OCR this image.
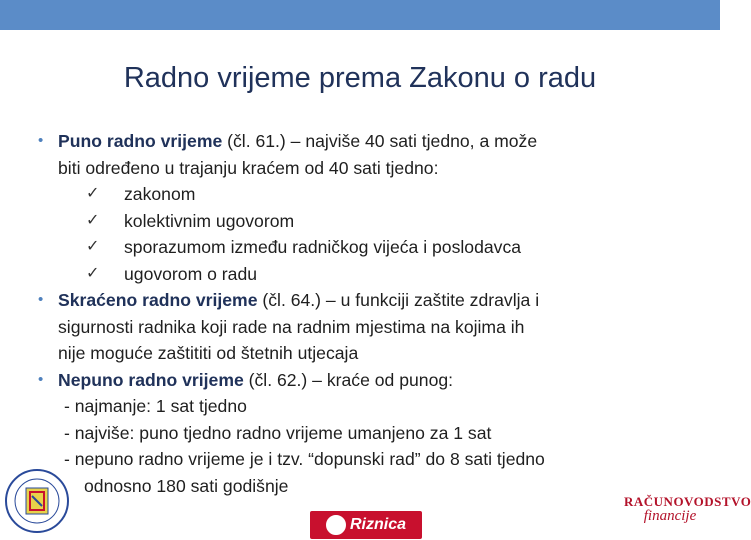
Radno vrijeme prema Zakonu o radu
• Puno radno vrijeme (čl. 61.) – najviše 40 sati tjedno, a može
biti određeno u trajanju kraćem od 40 sati tjedno:
✓ zakonom
✓ kolektivnim ugovorom
✓ sporazumom između radničkog vijeća i poslodavca
✓ ugovorom o radu
• Skraćeno radno vrijeme (čl. 64.) – u funkciji zaštite zdravlja i
sigurnosti radnika koji rade na radnim mjestima na kojima ih
nije moguće zaštititi od štetnih utjecaja
• Nepuno radno vrijeme (čl. 62.) – kraće od punog:
- najmanje: 1 sat tjedno
- najviše: puno tjedno radno vrijeme umanjeno za 1 sat
- nepuno radno vrijeme je i tzv. “dopunski rad” do 8 sati tjedno
odnosno 180 sati godišnje
Riznica
RAČUNOVODSTVO
financije
